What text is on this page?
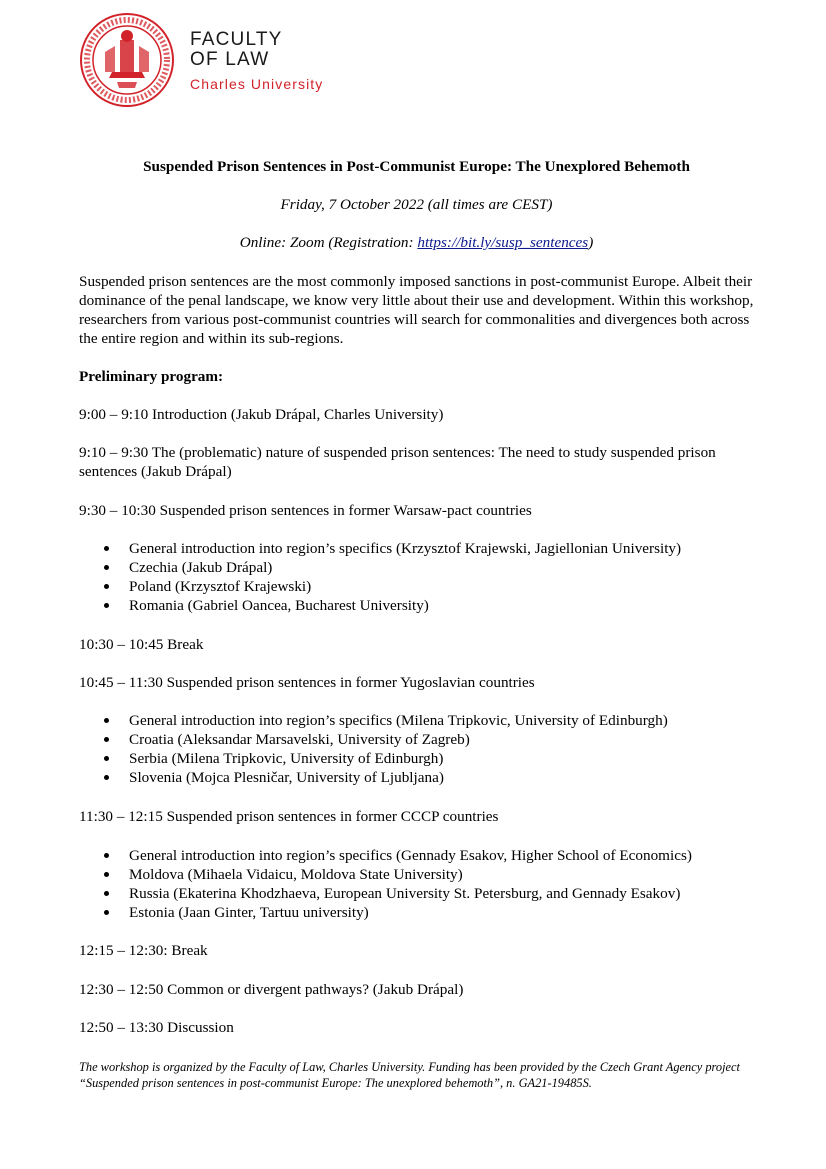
FACULTY
OF LAW
Charles University
Suspended Prison Sentences in Post-Communist Europe: The Unexplored Behemoth
Friday, 7 October 2022 (all times are CEST)
Online: Zoom (Registration: https://bit.ly/susp_sentences)
Suspended prison sentences are the most commonly imposed sanctions in post-communist Europe. Albeit their dominance of the penal landscape, we know very little about their use and development. Within this workshop, researchers from various post-communist countries will search for commonalities and divergences both across the entire region and within its sub-regions.
Preliminary program:
9:00 – 9:10 Introduction (Jakub Drápal, Charles University)
9:10 – 9:30 The (problematic) nature of suspended prison sentences: The need to study suspended prison sentences (Jakub Drápal)
9:30 – 10:30 Suspended prison sentences in former Warsaw-pact countries
General introduction into region’s specifics (Krzysztof Krajewski, Jagiellonian University)
Czechia (Jakub Drápal)
Poland (Krzysztof Krajewski)
Romania (Gabriel Oancea, Bucharest University)
10:30 – 10:45 Break
10:45 – 11:30 Suspended prison sentences in former Yugoslavian countries
General introduction into region’s specifics (Milena Tripkovic, University of Edinburgh)
Croatia (Aleksandar Marsavelski, University of Zagreb)
Serbia (Milena Tripkovic, University of Edinburgh)
Slovenia (Mojca Plesničar, University of Ljubljana)
11:30 – 12:15 Suspended prison sentences in former CCCP countries
General introduction into region’s specifics (Gennady Esakov, Higher School of Economics)
Moldova (Mihaela Vidaicu, Moldova State University)
Russia (Ekaterina Khodzhaeva, European University St. Petersburg, and Gennady Esakov)
Estonia (Jaan Ginter, Tartuu university)
12:15 – 12:30: Break
12:30 – 12:50 Common or divergent pathways? (Jakub Drápal)
12:50 – 13:30 Discussion
The workshop is organized by the Faculty of Law, Charles University. Funding has been provided by the Czech Grant Agency project “Suspended prison sentences in post-communist Europe: The unexplored behemoth”, n. GA21-19485S.
